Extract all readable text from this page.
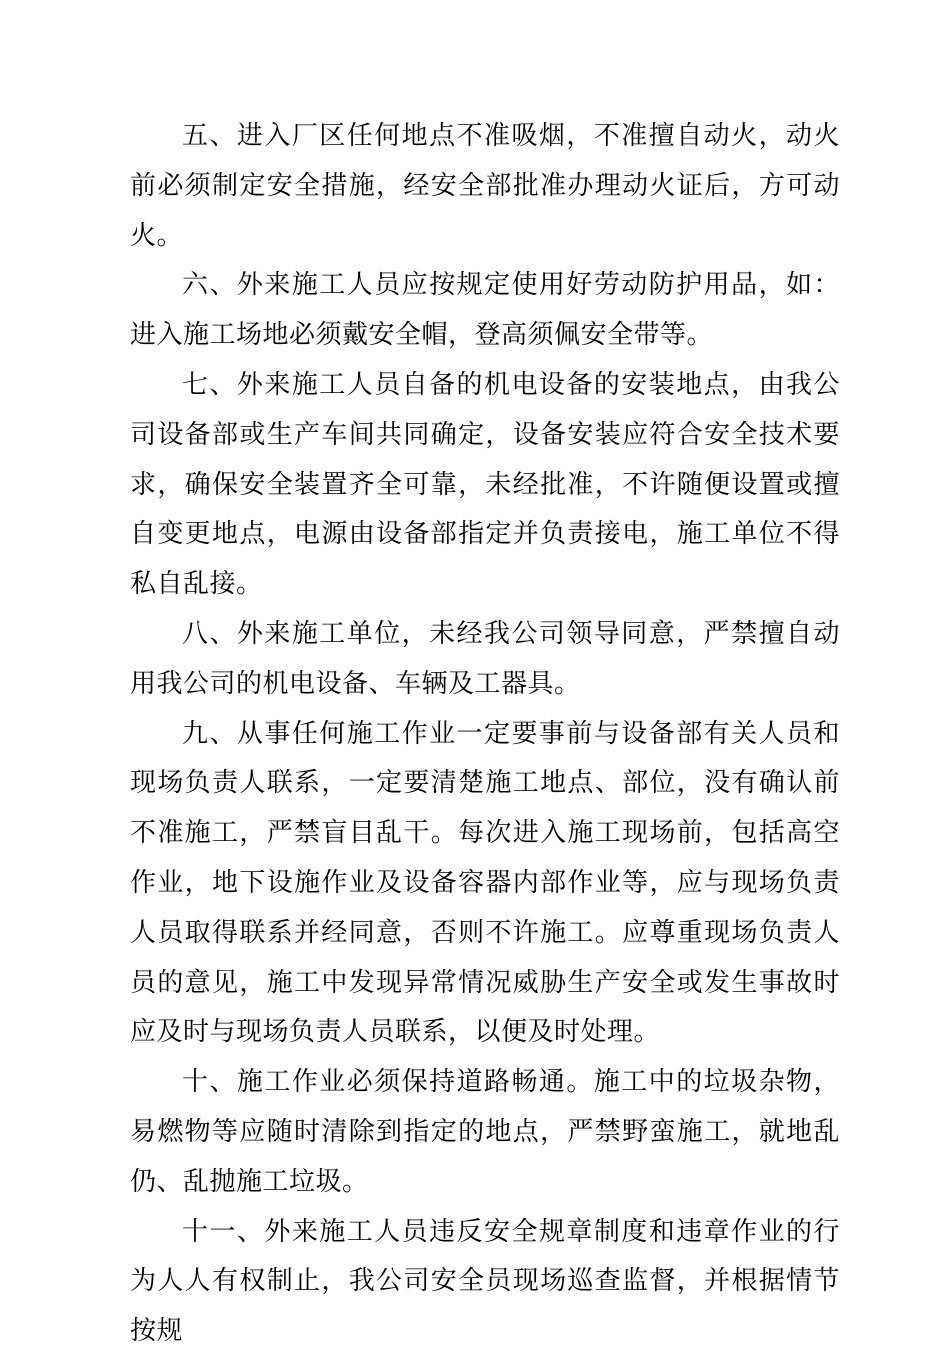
五、进入厂区任何地点不准吸烟，不准擅自动火，动火前必须制定安全措施，经安全部批准办理动火证后，方可动火。

六、外来施工人员应按规定使用好劳动防护用品，如：进入施工场地必须戴安全帽，登高须佩安全带等。

七、外来施工人员自备的机电设备的安装地点，由我公司设备部或生产车间共同确定，设备安装应符合安全技术要求，确保安全装置齐全可靠，未经批准，不许随便设置或擅自变更地点，电源由设备部指定并负责接电，施工单位不得私自乱接。

八、外来施工单位，未经我公司领导同意，严禁擅自动用我公司的机电设备、车辆及工器具。

九、从事任何施工作业一定要事前与设备部有关人员和现场负责人联系，一定要清楚施工地点、部位，没有确认前不准施工，严禁盲目乱干。每次进入施工现场前，包括高空作业，地下设施作业及设备容器内部作业等，应与现场负责人员取得联系并经同意，否则不许施工。应尊重现场负责人员的意见，施工中发现异常情况威胁生产安全或发生事故时应及时与现场负责人员联系，以便及时处理。

十、施工作业必须保持道路畅通。施工中的垃圾杂物，易燃物等应随时清除到指定的地点，严禁野蛮施工，就地乱仍、乱抛施工垃圾。

十一、外来施工人员违反安全规章制度和违章作业的行为人人有权制止，我公司安全员现场巡查监督，并根据情节按规
